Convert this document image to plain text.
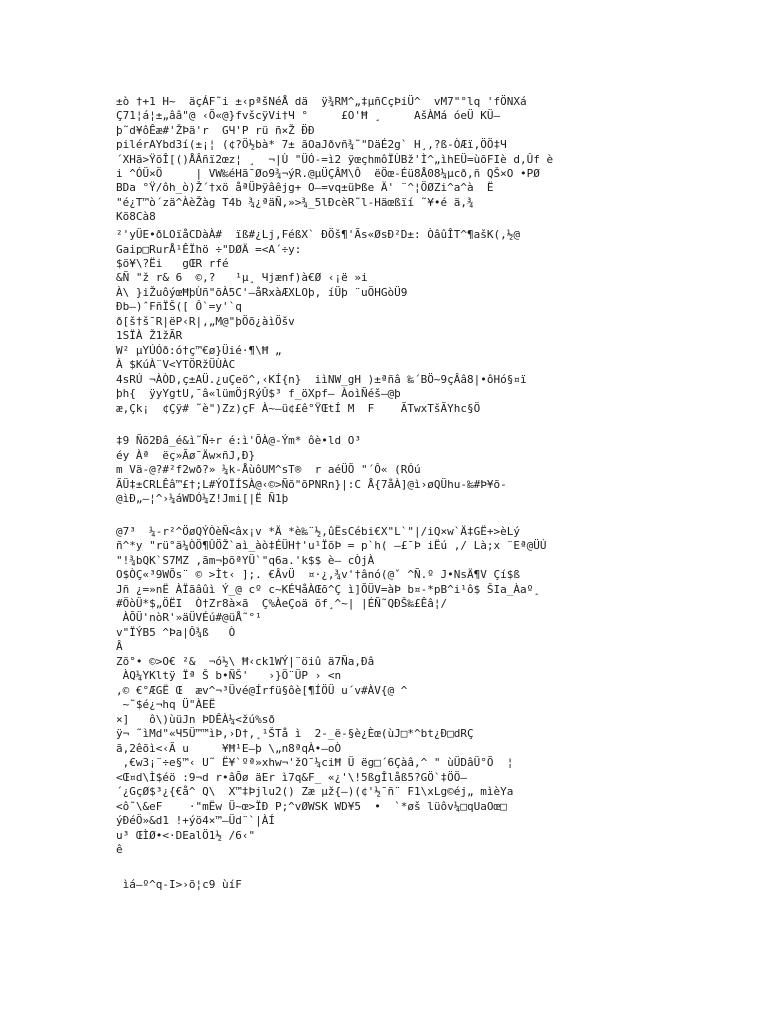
±ò †+1 H~  äçÁF˜i ±‹pªšNéÅ dä  ÿ¾RM^„‡µñCçÞiÜ^  vM7"°lq 'fÖNXá
Ç71¦á¦±„ââ"@ ‹Õ«@}fvšcÿVi†Ч °     £O'Ħ ¸     AšÀMá óeÜ KÜ–
þ˜d¥ôÊæ#'ŽÞä'r  GЧ'P rü ñ×Ž Ð̈Ð
pilérAYbd3í(±¡¦ (¢?Ö½bà* 7± ãOaJðvñ¾˜"DäÉ2g` H¸,?ß-ÒÆï,ÖÖ‡Ч
´XHã>ŸõÎ[()ÅÂñï2œz¦ ¸  ¬|Ù "ÜÓ-=ì2 ÿœçhmôÏÙBž'Ì^„ìhEÜ=ùõFIè d,Ûf è
i ^ÓÜ×Ö     | VW‰éHãˉØo9¾¬ýR.@µÜÇÂM\Ô  ëÖœ-Éü8Å08¼µcð,ñ QŠ×O •PØ
BDa °Ÿ/ôh_ò)Ž´†xö åªÜÞÿâêjg+ O—=vq±üÞße Ä' ¨^¦ÖØZi^a^à  Ë
"é¿T™ò´zä^ÀèŽàg T4b ¾¿ªäÑ,»>¾_5lÐcèR˜l-Häœßïí ˜¥•é ä,¾
Kõ8Cà8
²'yÜE•ðLOïåCDàÀ#  ïß#¿Lj,FéßX` ÐÖš¶'Ãs«ØsÐ²D±: ÒâûÎT^¶ašK(,½@
Gaip□RurÅ¹ÊÏhö ÷"DØÄ =<A´÷y:
$ö¥\?Ëi   gŒR rfé
&Ñ "ž r& 6  ©,?   ¹µ¸ Чjænf)à€Ø ‹¡ë »i
À\ }iŽuôýœĦþÙñ"õÀ5C'–åRxàÆXLOþ, íÜþ ¨uÖHGòÜ9
Ðb—)ˆFñÏŠ([ Ô`=y'`q
ð[š†š¯R|ëP‹R|,„M@"þÖõ¿àìÖšv
1SÏÀ Ž1žÃR
W² µYÚÓð:ó†ç™€ø}Üié·¶\Ħ „
À $KúÀ¨V<YTÖRžÜÙÀC
4sRÚ ¬ÀÒD,ç±AÜ.¿uÇeö^,‹KÍ{n}  iìNW_gH )±ªñâ ‰´BÖ~9çÂâ8|•ôHó§¤ï
þh{  ÿyYgtU,¯â«lümÖjRýÛ$³ f_öXpf– ÀoìÑéš–@þ
æ,Çk¡  ¢Çÿ# ˜è")Zz)çF À~–ü¢£ê°ŸŒtÍ M  F    ÃTwxTšÃYhc§Ö
‡9 Ñõ2Ðâ_é&ì˜Ñ÷r é:ì'ÕÀ@-Ým* ôè•ld O³
éy Àª  ëç»Ãø¯Äw×ñJ,Ð}
m Vä-@?#²f2wð?» ¼k-ÅùôUM^sT®  r aéÜÕ "´Ô« (RÓú
ÃÜ‡±CRLÊâ™£†;L#ÝOÏÍSÀ@‹©>Ñõ"õPNRn}|:C Å{7åÀ]@ì›øQÜhu-‰#Þ¥õ-
@ìÐ„–¦^›¼áWDÓ¼Z!Jmi[|Ë Ñ1þ
@7³  ¼-r²^ÖøQÝÒèÑ<âx¡v *Ä *è‰¨½,ûËsCébi€X"L`"|/iQ×w`Ä‡GË+>èLý
ñ^*y "rü°ä¼ÒÖ¶ÛÖŽ`aì_àò‡ÉÜH†'u¹ÏõÞ = p`h( –£¯Þ iËú ,/ Là;x ¨Eª@ÜÚ
"!¾bQK`S7MZ ,ãm¬þõªYÜ`"q6a.'k$$ è– cÒjÀ
O$ÒÇ«³9WÕs¨ © >Ìt‹ ];. €ÂvÜ  ¤·¿,¾v'†ânó(@ˇ ^Ñ.º J•NsÄ¶V Çí$ß
Jñ ¿=»nË ÀÏãâûì Ý_@ cº c~KÉЧåÀŒõ^Ç ì]ÕÜV=àÞ b¤-*pB^i¹ô$ ŠIa_Àaº¸
#ÖòÜ*$„ÖËI  Ò†Zr8à×ã  Ç%ÀeÇoä õf¸^~| |ÉÑ˜QÐŠ‰£Êâ¦/
ÀÕÜ'nòR'»äÜVÉú#@üÅ˜°¹
v"ÏÝB5 ^Þa|Ô¾ß   Ò
Â
Zõ°• ©>O€ ²&  ¬ó½\ Ħ‹ck1WÝ|¨öiû ä7Ña,Ðâ
ÀQ¼YKltÿ Ïª Š b•ÑŠ'   ›}Ö¨ÜP › <n
,© €°ÆGË Œ  æv^¬³Üvé@Írfü§ôè[¶ÍÖÜ u´v#ÀV{@ ^
~˜$é¿¬hq Ü"ÀEË
×]   ô\)ùüJn ÞDÊÀ¼<žú%sð
ÿ¬ ˜ìMd"«Ч5Ü™™ìÞ,›D†,¸¹ŠTå ì  2-_ë-§è¿Èœ(ùJ□*^bt¿Ð□dRÇ
ã,2êõì<‹Ã u     ¥Ħ¹E–þ \„n8ªqÀ•–oÒ
,€w3¡¨÷e§™‹ U˜ Ë¥`ºª»xhw¬'žO¯¼ciĦ Ü ëg□´6Çàâ,^ " ùÜDâÜ°Õ  ¦
<Œ¤d\Ì$éö :9¬d r•âÕø äEr ì7q&F_ «¿'\!5ßgÎlåß5?GÖ`‡ÖÖ–
´¿GçØ$³¿{€å^ Q\  X™‡Þjlu2() Zæ µž{—)(¢'½¯ñ¨ F1\xLg©éj„ mìèYa
<ô˜\&eF    ·"mËw Ü~œ>ÏÐ P;^vØWSK WD¥5  •  `*øš lüôv¼□qUaOœ□
ýÐéÖ»&d1 !+ýö4×™–Üd¨`|ÀÍ
u³ ŒÌØ•<·DEalÖ1½ /6‹"
ê
ìá–º^q-I>›õ¦c9 ùíF
